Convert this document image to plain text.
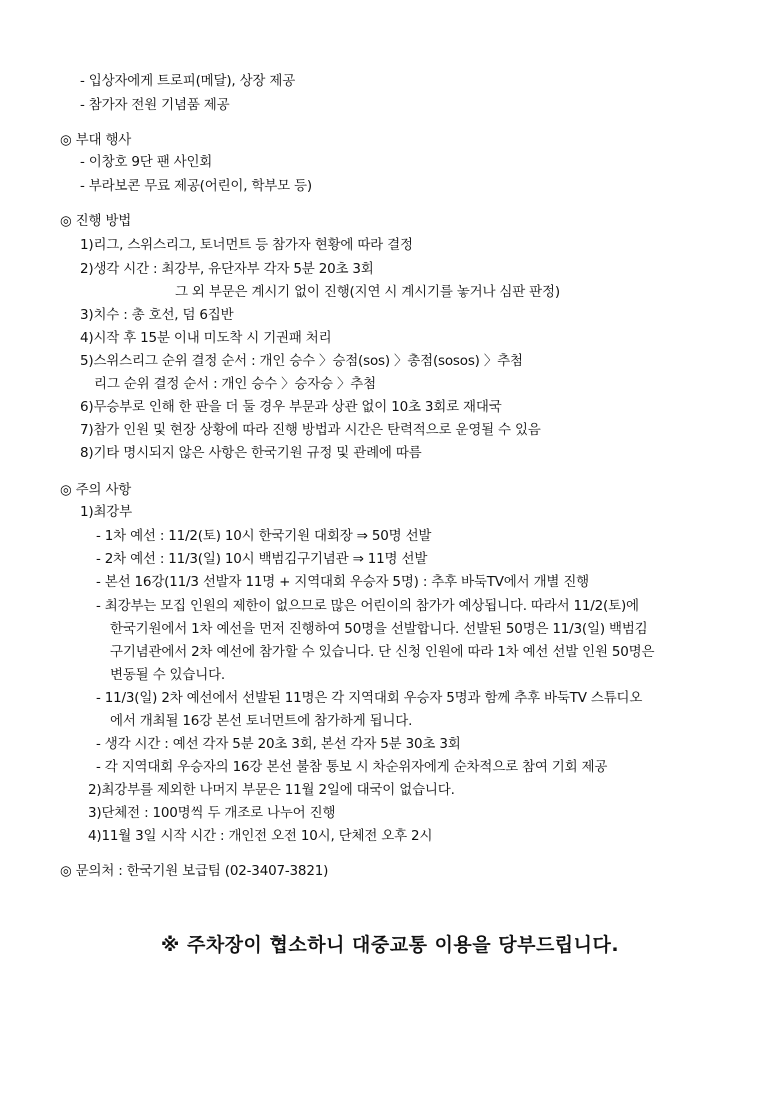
- 입상자에게 트로피(메달), 상장 제공
- 참가자 전원 기념품 제공
◎ 부대 행사
- 이창호 9단 팬 사인회
- 부라보콘 무료 제공(어린이, 학부모 등)
◎ 진행 방법
1)리그, 스위스리그, 토너먼트 등 참가자 현황에 따라 결정
2)생각 시간 : 최강부, 유단자부 각자 5분 20초 3회
그 외 부문은 계시기 없이 진행(지연 시 계시기를 놓거나 심판 판정)
3)치수 : 총 호선, 덤 6집반
4)시작 후 15분 이내 미도착 시 기권패 처리
5)스위스리그 순위 결정 순서 : 개인 승수 〉승점(sos) 〉총점(sosos) 〉추첨
리그 순위 결정 순서 : 개인 승수 〉승자승 〉추첨
6)무승부로 인해 한 판을 더 둘 경우 부문과 상관 없이 10초 3회로 재대국
7)참가 인원 및 현장 상황에 따라 진행 방법과 시간은 탄력적으로 운영될 수 있음
8)기타 명시되지 않은 사항은 한국기원 규정 및 관례에 따름
◎ 주의 사항
1)최강부
- 1차 예선 : 11/2(토) 10시 한국기원 대회장 ⇒ 50명 선발
- 2차 예선 : 11/3(일) 10시 백범김구기념관 ⇒ 11명 선발
- 본선 16강(11/3 선발자 11명 + 지역대회 우승자 5명) : 추후 바둑TV에서 개별 진행
- 최강부는 모집 인원의 제한이 없으므로 많은 어린이의 참가가 예상됩니다. 따라서 11/2(토)에
한국기원에서 1차 예선을 먼저 진행하여 50명을 선발합니다. 선발된 50명은 11/3(일) 백범김
구기념관에서 2차 예선에 참가할 수 있습니다. 단 신청 인원에 따라 1차 예선 선발 인원 50명은
변동될 수 있습니다.
- 11/3(일) 2차 예선에서 선발된 11명은 각 지역대회 우승자 5명과 함께 추후 바둑TV 스튜디오
에서 개최될 16강 본선 토너먼트에 참가하게 됩니다.
- 생각 시간 : 예선 각자 5분 20초 3회, 본선 각자 5분 30초 3회
- 각 지역대회 우승자의 16강 본선 불참 통보 시 차순위자에게 순차적으로 참여 기회 제공
2)최강부를 제외한 나머지 부문은 11월 2일에 대국이 없습니다.
3)단체전 : 100명씩 두 개조로 나누어 진행
4)11월 3일 시작 시간 : 개인전 오전 10시, 단체전 오후 2시
◎ 문의처 : 한국기원 보급팀 (02-3407-3821)
※ 주차장이 협소하니 대중교통 이용을 당부드립니다.
